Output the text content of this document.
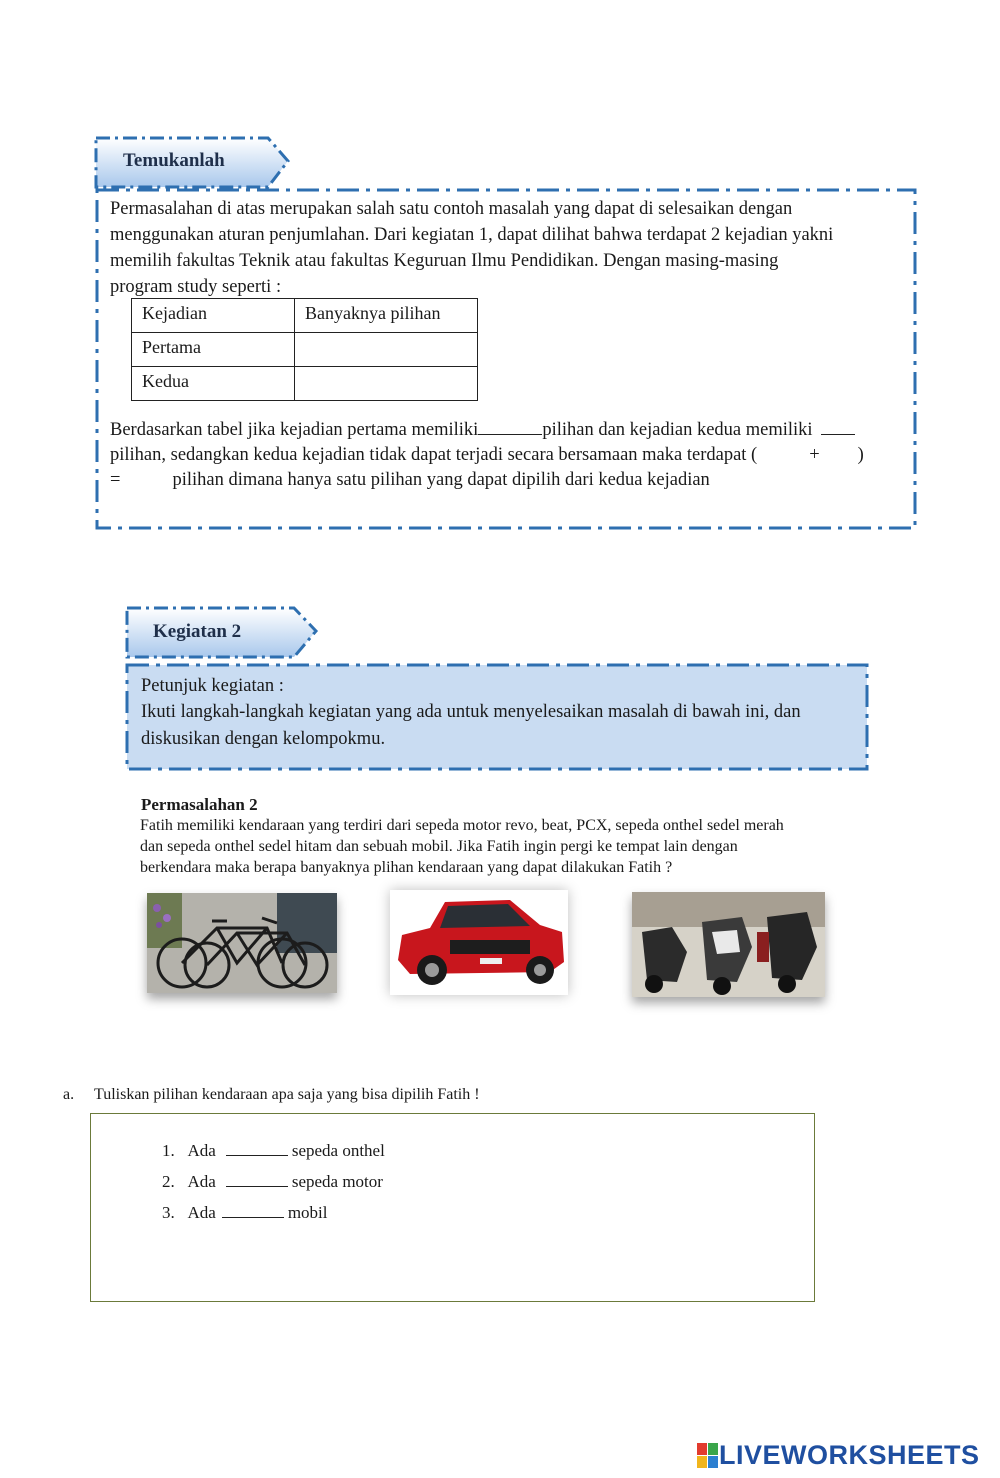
Temukanlah
Permasalahan di atas merupakan salah satu contoh masalah yang dapat di selesaikan dengan
menggunakan aturan penjumlahan. Dari kegiatan 1, dapat dilihat bahwa terdapat 2 kejadian yakni
memilih fakultas Teknik atau fakultas Keguruan Ilmu Pendidikan. Dengan masing-masing
program study seperti :
Kejadian	Banyaknya pilihan
Pertama	
Kedua	
Berdasarkan tabel jika kejadian pertama memiliki	pilihan dan kejadian kedua memiliki
pilihan, sedangkan kedua kejadian tidak dapat terjadi secara bersamaan maka terdapat (	+ )
=	pilihan dimana hanya satu pilihan yang dapat dipilih dari kedua kejadian
Kegiatan 2
Petunjuk kegiatan :
Ikuti langkah-langkah kegiatan yang ada untuk menyelesaikan masalah di bawah ini, dan
diskusikan dengan kelompokmu.
Permasalahan 2
Fatih memiliki kendaraan yang terdiri dari sepeda motor revo, beat, PCX, sepeda onthel sedel merah
dan sepeda onthel sedel hitam dan sebuah mobil. Jika Fatih ingin pergi ke tempat lain dengan
berkendara maka berapa banyaknya plihan kendaraan yang dapat dilakukan Fatih ?
a. Tuliskan pilihan kendaraan apa saja yang bisa dipilih Fatih !
1. Ada	sepeda onthel
2. Ada	sepeda motor
3. Ada	mobil
LIVEWORKSHEETS
